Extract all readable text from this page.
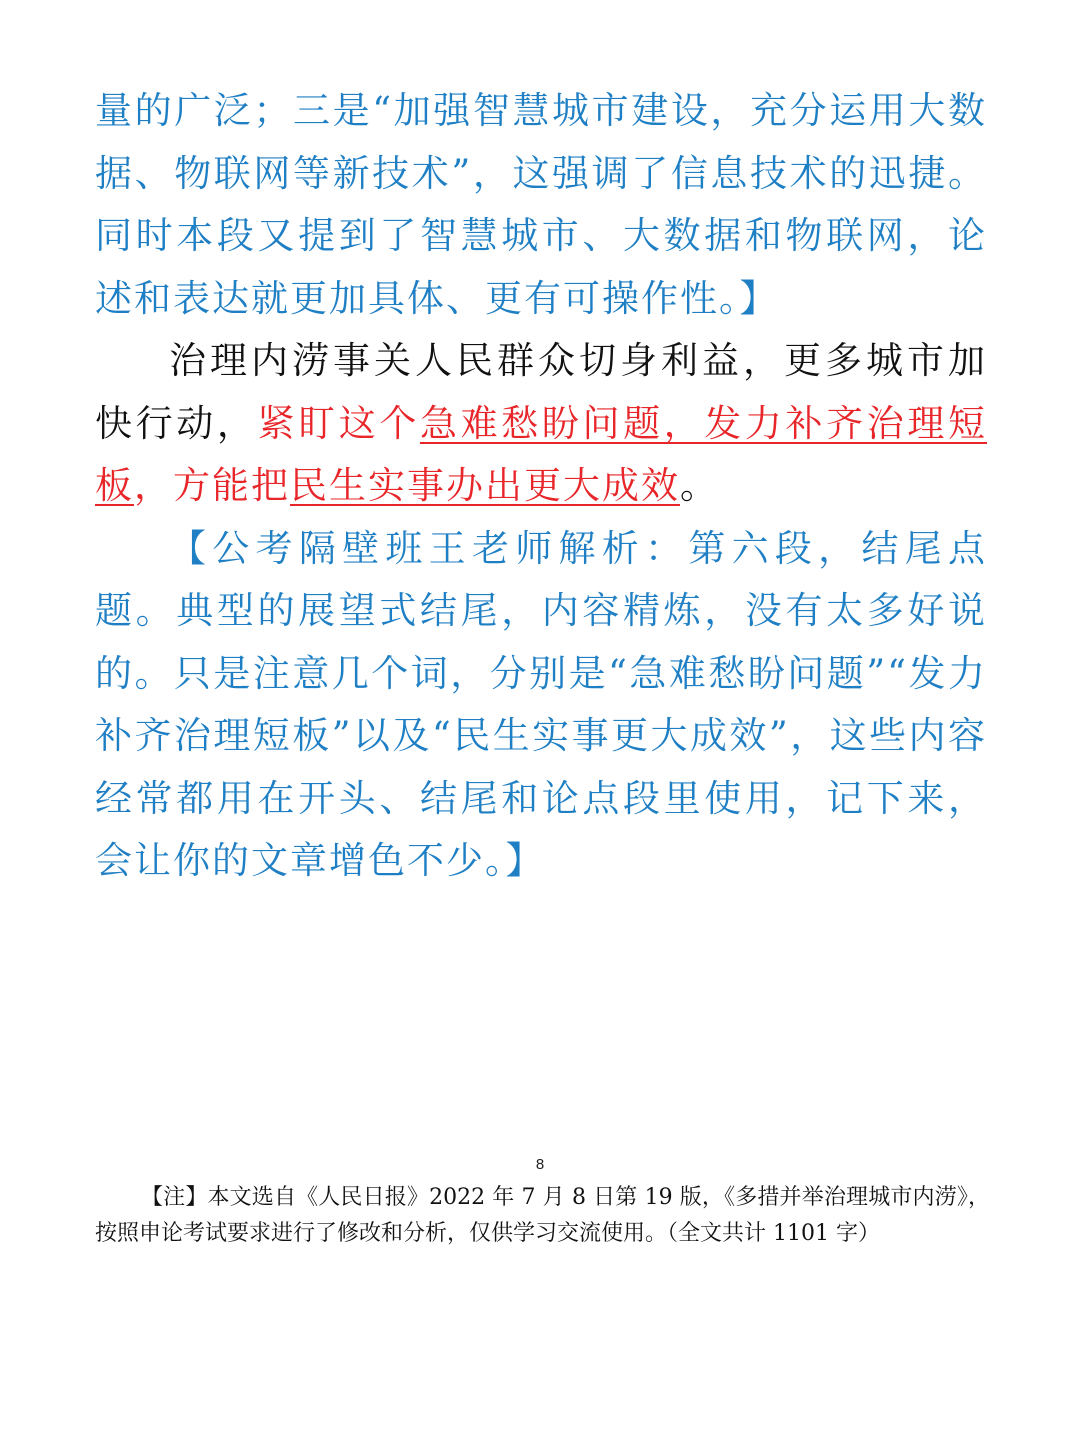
量的广泛；三是“加强智慧城市建设，充分运用大数据、物联网等新技术”，这强调了信息技术的迅捷。同时本段又提到了智慧城市、大数据和物联网，论述和表达就更加具体、更有可操作性。】

治理内涝事关人民群众切身利益，更多城市加快行动，紧盯这个急难愁盼问题，发力补齐治理短板，方能把民生实事办出更大成效。

【公考隔壁班王老师解析：第六段，结尾点题。典型的展望式结尾，内容精炼，没有太多好说的。只是注意几个词，分别是“急难愁盼问题”“发力补齐治理短板”以及“民生实事更大成效”，这些内容经常都用在开头、结尾和论点段里使用，记下来，会让你的文章增色不少。】

8

【注】本文选自《人民日报》2022 年 7 月 8 日第 19 版，《多措并举治理城市内涝》，按照申论考试要求进行了修改和分析，仅供学习交流使用。（全文共计 1101 字）
